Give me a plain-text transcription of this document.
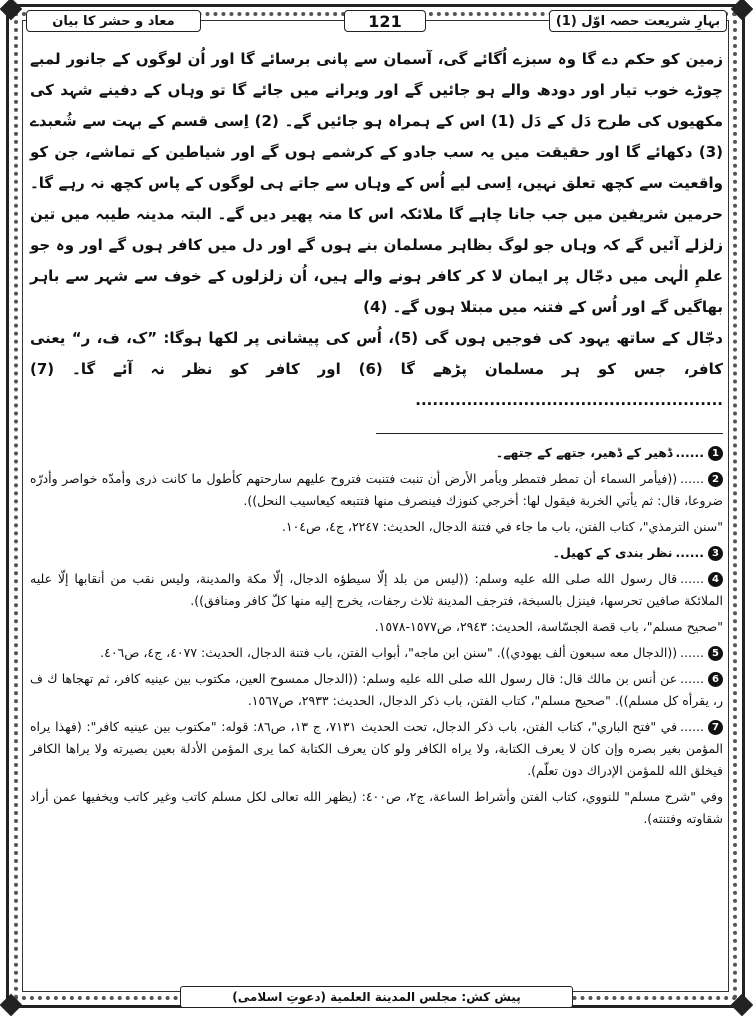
بہارِ شریعت حصہ اوّل (1)
121
معاد و حشر کا بیان

زمین کو حکم دے گا وہ سبزے اُگائے گی، آسمان سے پانی برسائے گا اور اُن لوگوں کے جانور لمبے چوڑے خوب تیار اور دودھ والے ہو جائیں گے اور ویرانے میں جائے گا تو وہاں کے دفینے شہد کی مکھیوں کی طرح دَل کے دَل (1) اس کے ہمراہ ہو جائیں گے۔ (2) اِسی قسم کے بہت سے شُعبدے (3) دکھائے گا اور حقیقت میں یہ سب جادو کے کرشمے ہوں گے اور شیاطین کے تماشے، جن کو واقعیت سے کچھ تعلق نہیں، اِسی لیے اُس کے وہاں سے جاتے ہی لوگوں کے پاس کچھ نہ رہے گا۔ حرمین شریفین میں جب جانا چاہے گا ملائکہ اس کا منہ پھیر دیں گے۔ البتہ مدینہ طیبہ میں تین زلزلے آئیں گے کہ وہاں جو لوگ بظاہر مسلمان بنے ہوں گے اور دل میں کافر ہوں گے اور وہ جو علمِ الٰہی میں دجّال پر ایمان لا کر کافر ہونے والے ہیں، اُن زلزلوں کے خوف سے شہر سے باہر بھاگیں گے اور اُس کے فتنہ میں مبتلا ہوں گے۔ (4)

دجّال کے ساتھ یہود کی فوجیں ہوں گی (5)، اُس کی پیشانی پر لکھا ہوگا: ”ک، ف، ر“ یعنی کافر، جس کو ہر مسلمان پڑھے گا (6) اور کافر کو نظر نہ آئے گا۔ (7) ......................................................

1......ڈھیر کے ڈھیر، جتھے کے جتھے۔

2......((فيأمر السماء أن تمطر فتمطر ويأمر الأرض أن تنبت فتنبت فتروح عليهم سارحتهم كأطول ما كانت ذرى وأمدّه خواصر وأدرّه ضروعا، قال: ثم يأتي الخربة فيقول لها: أخرجي كنوزك فينصرف منها فتتبعه كيعاسيب النحل)).

"سنن الترمذي"، كتاب الفتن، باب ما جاء في فتنة الدجال، الحديث: ٢٢٤٧، ج٤، ص١٠٤.

3......نظر بندی کے کھیل۔

4......قال رسول الله صلى الله عليه وسلم: ((ليس من بلد إلّا سيطؤه الدجال، إلّا مكة والمدينة، وليس نقب من أنقابها إلّا عليه الملائكة صافين تحرسها، فينزل بالسبخة، فترجف المدينة ثلاث رجفات، يخرج إليه منها كلّ كافر ومنافق)).

"صحيح مسلم"، باب قصة الجسّاسة، الحديث: ٢٩٤٣، ص١٥٧٧-١٥٧٨.

5......((الدجال معه سبعون ألف يهودي)). "سنن ابن ماجه"، أبواب الفتن، باب فتنة الدجال، الحديث: ٤٠٧٧، ج٤، ص٤٠٦.

6......عن أنس بن مالك قال: قال رسول الله صلى الله عليه وسلم: ((الدجال ممسوح العين، مكتوب بين عينيه كافر، ثم تهجاها ك ف ر، يقرأه كل مسلم)). "صحيح مسلم"، كتاب الفتن، باب ذكر الدجال، الحديث: ٢٩٣٣، ص١٥٦٧.

7......في "فتح الباري"، كتاب الفتن، باب ذكر الدجال، تحت الحديث ٧١٣١، ج ١٣، ص٨٦: قوله: "مكتوب بين عينيه كافر": (فهذا يراه المؤمن بغير بصره وإن كان لا يعرف الكتابة، ولا يراه الكافر ولو كان يعرف الكتابة كما يرى المؤمن الأدلة بعين بصيرته ولا يراها الكافر فيخلق الله للمؤمن الإدراك دون تعلّم).

وفي "شرح مسلم" للنووي، كتاب الفتن وأشراط الساعة، ج٢، ص٤٠٠: (يظهر الله تعالى لكل مسلم كاتب وغير كاتب ويخفيها عمن أراد شقاوته وفتنته).

پیش کش: مجلس المدينة العلمية (دعوتِ اسلامی)
